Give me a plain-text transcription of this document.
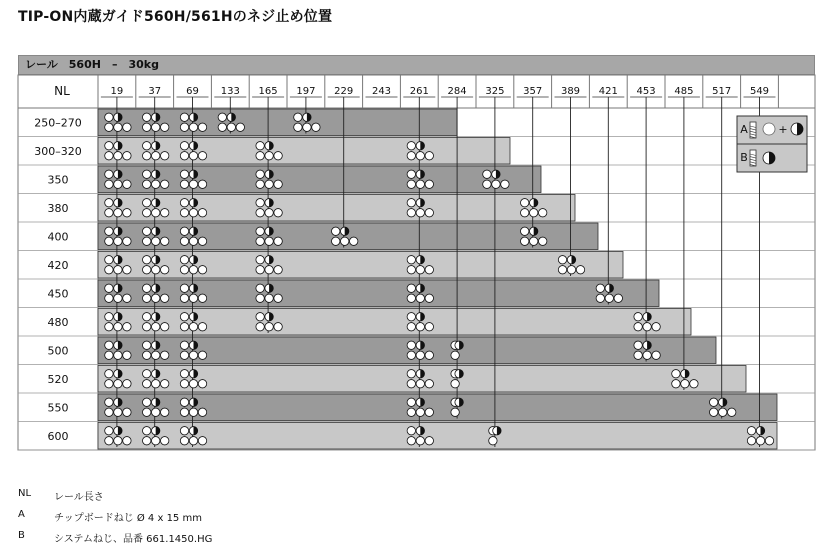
TIP-ON内蔵ガイド560H/561Hのネジ止め位置
レール　560H　–　30kg
NL	19	37	69 133 165 197 229 243 261 284 325 357 389 421 453 485 517 549
250–270
300–320
350
380
400
420
450
480
500
520
550
600
A
B
+
NL レール長さ
A	チップボードねじ Ø 4 x 15 mm
B	システムねじ、品番 661.1450.HG
